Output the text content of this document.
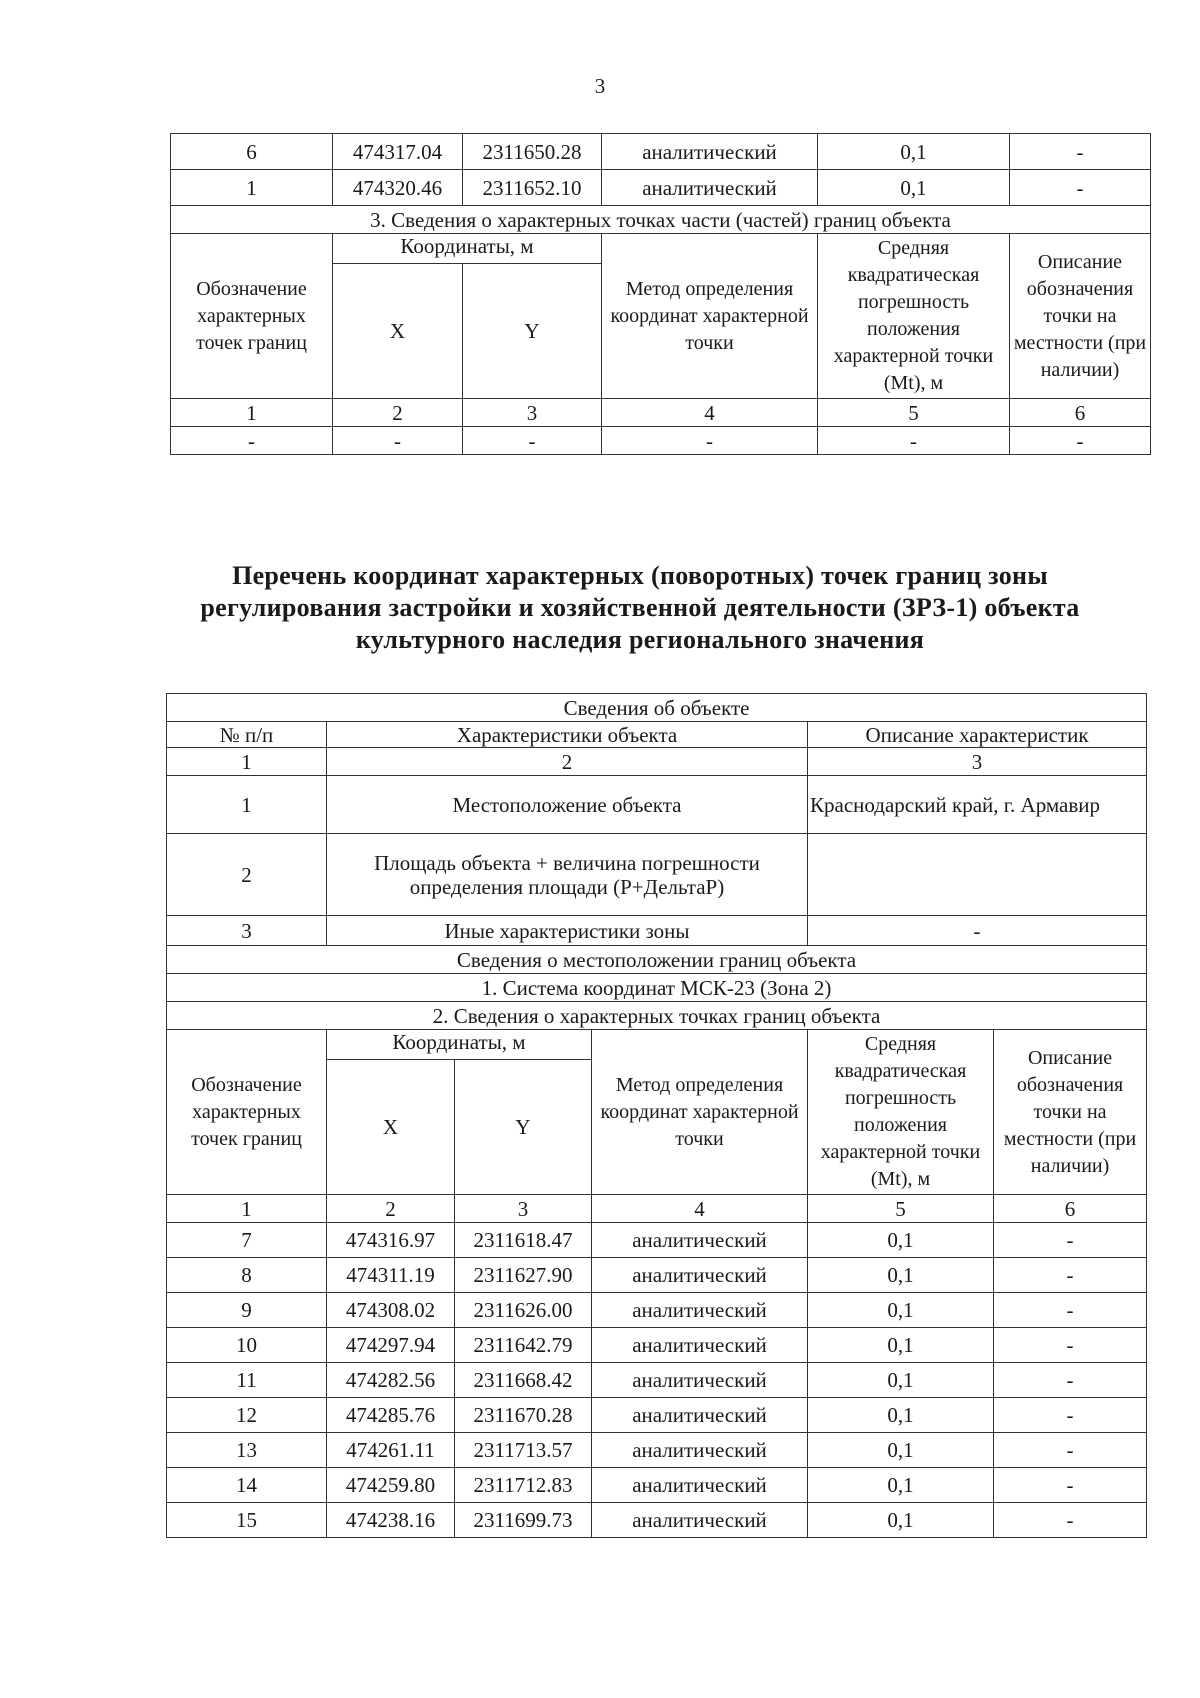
3
6	474317.04	2311650.28	аналитический	0,1	-
1	474320.46	2311652.10	аналитический	0,1	-
3. Сведения о характерных точках части (частей) границ объекта					
Обозначение характерных точек границ	Координаты, м		Метод определения координат характерной точки	Средняя квадратическая погрешность положения характерной точки (Mt), м	Описание обозначения точки на местности (при наличии)
	X	Y			
1	2	3	4	5	6
-	-	-	-	-	-
Перечень координат характерных (поворотных) точек границ зоны регулирования застройки и хозяйственной деятельности (ЗРЗ-1) объекта культурного наследия регионального значения
Сведения об объекте					
№ п/п	Характеристики объекта			Описание характеристик	
1	2			3	
1	Местоположение объекта			Краснодарский край, г. Армавир	
2	Площадь объекта + величина погрешности определения площади (P+ДельтаP)				
3	Иные характеристики зоны			-	
Сведения о местоположении границ объекта					
1. Система координат МСК-23 (Зона 2)					
2. Сведения о характерных точках границ объекта					
Обозначение характерных точек границ	Координаты, м		Метод определения координат характерной точки	Средняя квадратическая погрешность положения характерной точки (Mt), м	Описание обозначения точки на местности (при наличии)
	X	Y			
1	2	3	4	5	6
7	474316.97	2311618.47	аналитический	0,1	-
8	474311.19	2311627.90	аналитический	0,1	-
9	474308.02	2311626.00	аналитический	0,1	-
10	474297.94	2311642.79	аналитический	0,1	-
11	474282.56	2311668.42	аналитический	0,1	-
12	474285.76	2311670.28	аналитический	0,1	-
13	474261.11	2311713.57	аналитический	0,1	-
14	474259.80	2311712.83	аналитический	0,1	-
15	474238.16	2311699.73	аналитический	0,1	-
